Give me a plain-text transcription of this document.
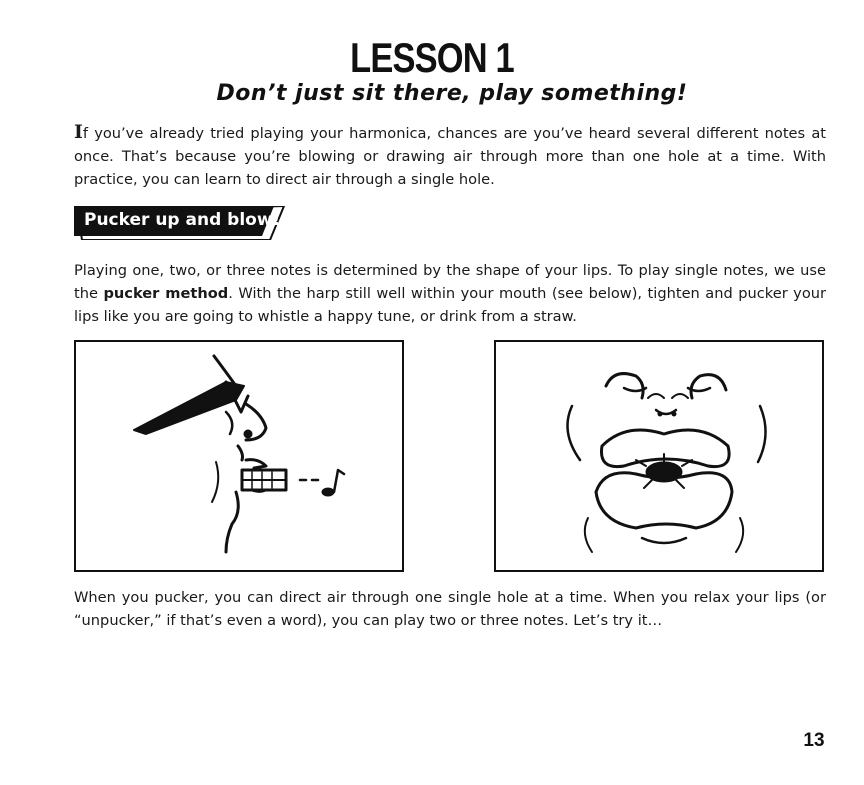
LESSON 1
Don’t just sit there, play something!
If you’ve already tried playing your harmonica, chances are you’ve heard several different notes at once. That’s because you’re blowing or drawing air through more than one hole at a time. With practice, you can learn to direct air through a single hole.
Pucker up and blow!
Playing one, two, or three notes is determined by the shape of your lips. To play single notes, we use the pucker method. With the harp still well within your mouth (see below), tighten and pucker your lips like you are going to whistle a happy tune, or drink from a straw.
When you pucker, you can direct air through one single hole at a time. When you relax your lips (or “unpucker,” if that’s even a word), you can play two or three notes. Let’s try it…
13
